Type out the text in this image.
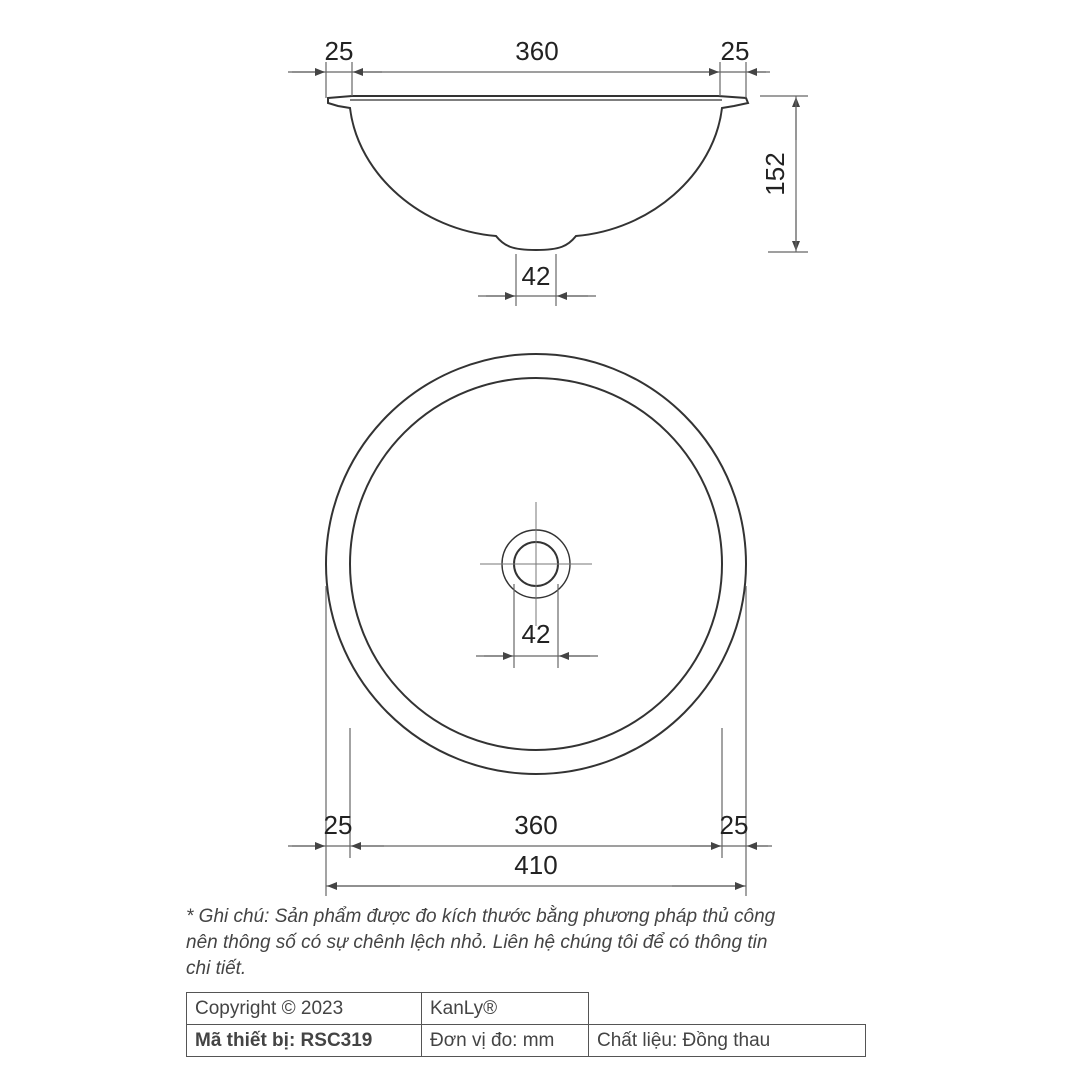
25	360	25
152
42
42
25	360	25
410

* Ghi chú: Sản phẩm được đo kích thước bằng phương pháp thủ công
nên thông số có sự chênh lệch nhỏ. Liên hệ chúng tôi để có thông tin
chi tiết.

Copyright © 2023	KanLy®	
Mã thiết bị: RSC319	Đơn vị đo: mm	Chất liệu: Đồng thau
